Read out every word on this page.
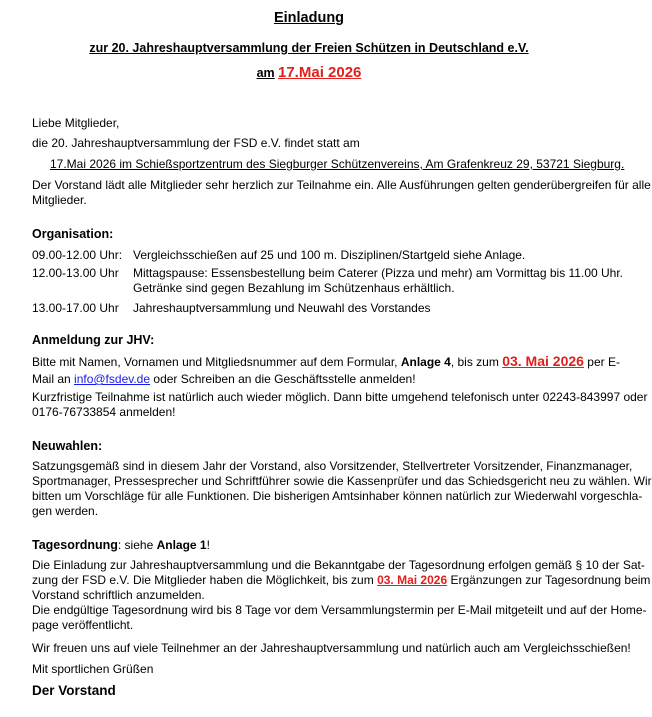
Einladung
zur 20. Jahreshauptversammlung der Freien Schützen in Deutschland e.V.
am 17.Mai 2026
Liebe Mitglieder,
die 20. Jahreshauptversammlung der FSD e.V. findet statt am
17.Mai 2026 im Schießsportzentrum des Siegburger Schützenvereins, Am Grafenkreuz 29, 53721 Siegburg.
Der Vorstand lädt alle Mitglieder sehr herzlich zur Teilnahme ein. Alle Ausführungen gelten genderübergreifen für alle
Mitglieder.
Organisation:
09.00-12.00 Uhr: Vergleichsschießen auf 25 und 100 m. Disziplinen/Startgeld siehe Anlage.
12.00-13.00 Uhr Mittagspause: Essensbestellung beim Caterer (Pizza und mehr) am Vormittag bis 11.00 Uhr.
Getränke sind gegen Bezahlung im Schützenhaus erhältlich.
13.00-17.00 Uhr Jahreshauptversammlung und Neuwahl des Vorstandes
Anmeldung zur JHV:
Bitte mit Namen, Vornamen und Mitgliedsnummer auf dem Formular, Anlage 4, bis zum 03. Mai 2026 per E-
Mail an info@fsdev.de oder Schreiben an die Geschäftsstelle anmelden!
Kurzfristige Teilnahme ist natürlich auch wieder möglich. Dann bitte umgehend telefonisch unter 02243-843997 oder
0176-76733854 anmelden!
Neuwahlen:
Satzungsgemäß sind in diesem Jahr der Vorstand, also Vorsitzender, Stellvertreter Vorsitzender, Finanzmanager,
Sportmanager, Pressesprecher und Schriftführer sowie die Kassenprüfer und das Schiedsgericht neu zu wählen. Wir
bitten um Vorschläge für alle Funktionen. Die bisherigen Amtsinhaber können natürlich zur Wiederwahl vorgeschla-
gen werden.
Tagesordnung: siehe Anlage 1!
Die Einladung zur Jahreshauptversammlung und die Bekanntgabe der Tagesordnung erfolgen gemäß § 10 der Sat-
zung der FSD e.V. Die Mitglieder haben die Möglichkeit, bis zum 03. Mai 2026 Ergänzungen zur Tagesordnung beim
Vorstand schriftlich anzumelden.
Die endgültige Tagesordnung wird bis 8 Tage vor dem Versammlungstermin per E-Mail mitgeteilt und auf der Home-
page veröffentlicht.
Wir freuen uns auf viele Teilnehmer an der Jahreshauptversammlung und natürlich auch am Vergleichsschießen!
Mit sportlichen Grüßen
Der Vorstand
